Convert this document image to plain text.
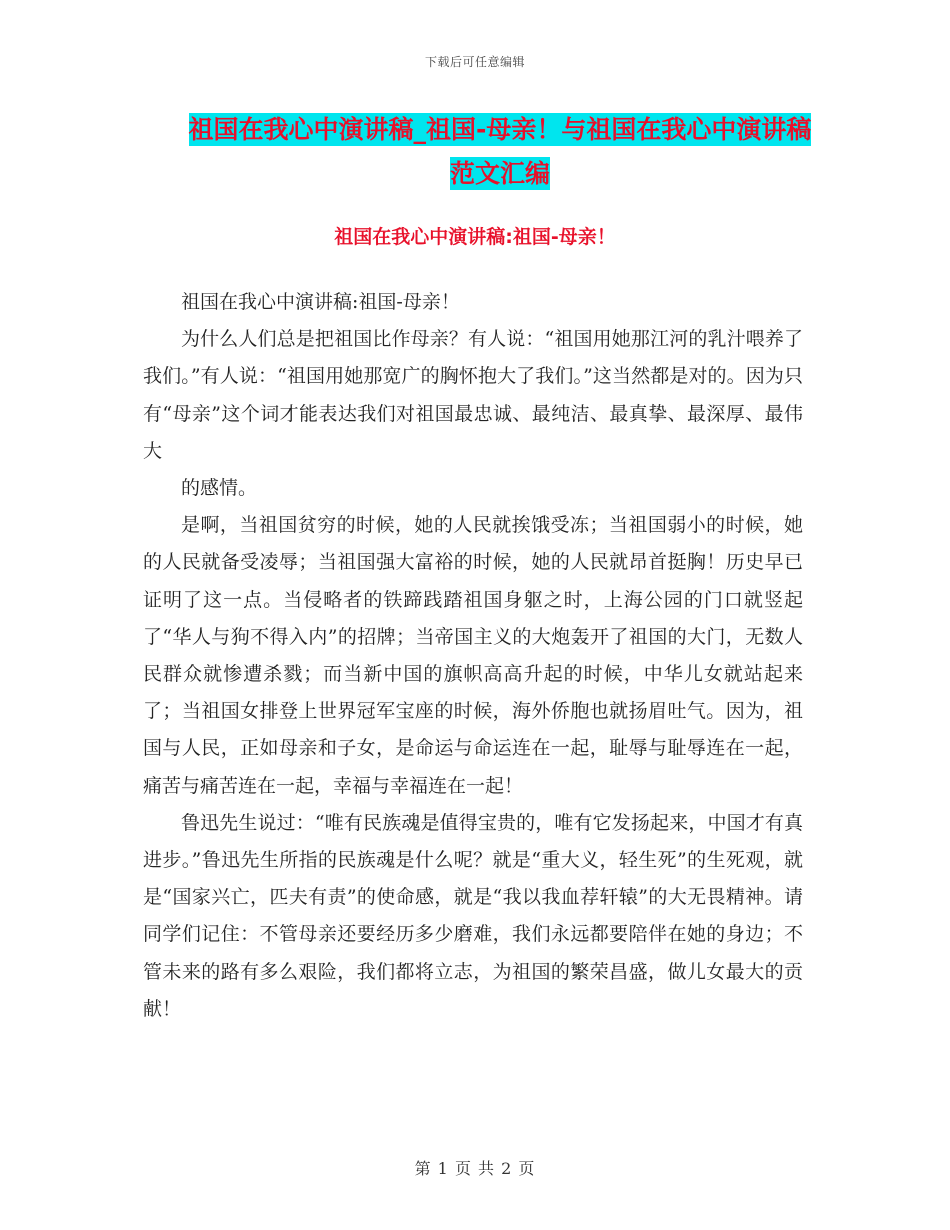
下载后可任意编辑
祖国在我心中演讲稿_祖国-母亲！与祖国在我心中演讲稿范文汇编
祖国在我心中演讲稿:祖国-母亲！

祖国在我心中演讲稿:祖国-母亲！

为什么人们总是把祖国比作母亲？有人说：“祖国用她那江河的乳汁喂养了我们。”有人说：“祖国用她那宽广的胸怀抱大了我们。”这当然都是对的。因为只有“母亲”这个词才能表达我们对祖国最忠诚、最纯洁、最真挚、最深厚、最伟大

的感情。

是啊，当祖国贫穷的时候，她的人民就挨饿受冻；当祖国弱小的时候，她的人民就备受凌辱；当祖国强大富裕的时候，她的人民就昂首挺胸！历史早已证明了这一点。当侵略者的铁蹄践踏祖国身躯之时，上海公园的门口就竖起了“华人与狗不得入内”的招牌；当帝国主义的大炮轰开了祖国的大门，无数人民群众就惨遭杀戮；而当新中国的旗帜高高升起的时候，中华儿女就站起来了；当祖国女排登上世界冠军宝座的时候，海外侨胞也就扬眉吐气。因为，祖国与人民，正如母亲和子女，是命运与命运连在一起，耻辱与耻辱连在一起，痛苦与痛苦连在一起，幸福与幸福连在一起！

鲁迅先生说过：“唯有民族魂是值得宝贵的，唯有它发扬起来，中国才有真进步。”鲁迅先生所指的民族魂是什么呢？就是“重大义，轻生死”的生死观，就是“国家兴亡，匹夫有责”的使命感，就是“我以我血荐轩辕”的大无畏精神。请同学们记住：不管母亲还要经历多少磨难，我们永远都要陪伴在她的身边；不管未来的路有多么艰险，我们都将立志，为祖国的繁荣昌盛，做儿女最大的贡献！

第 1 页 共 2 页
